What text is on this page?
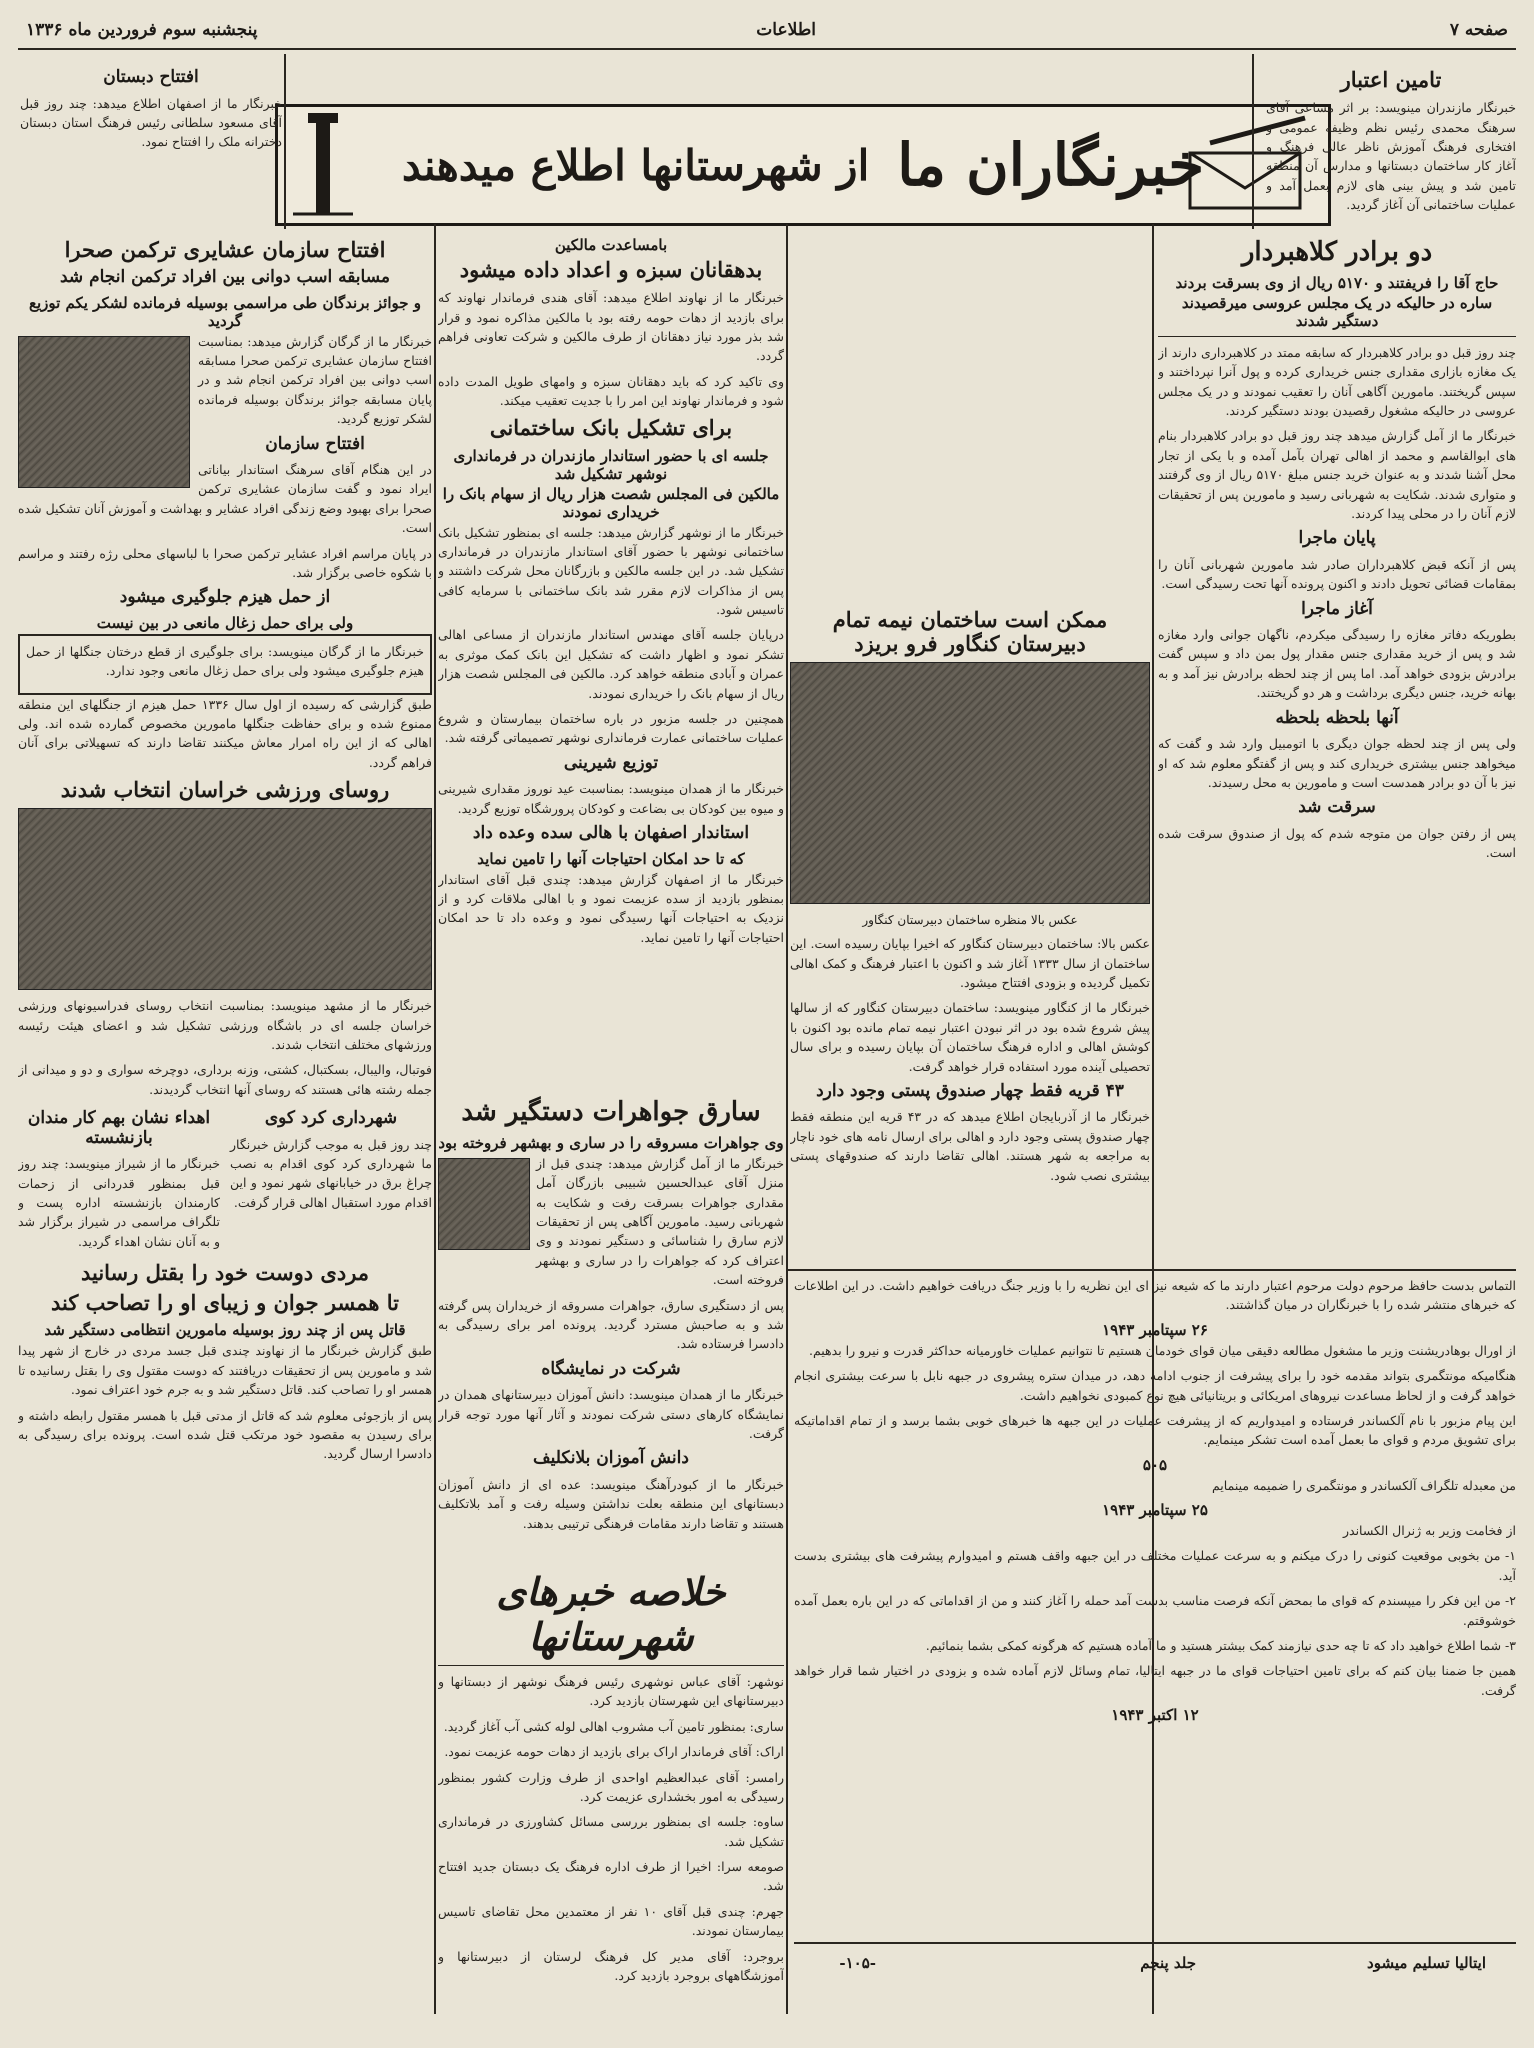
صفحه ۷
اطلاعات
پنجشنبه سوم فروردین ماه ۱۳۳۶
خبرنگاران ما
از شهرستانها اطلاع میدهند
تامین اعتبار

خبرنگار مازندران مینویسد: بر اثر مساعی آقای سرهنگ محمدی رئیس نظم وظیفه عمومی و افتخاری فرهنگ آموزش ناظر عالی فرهنگ و آغاز کار ساختمان دبستانها و مدارس آن منطقه تامین شد و پیش بینی های لازم بعمل آمد و عملیات ساختمانی آن آغاز گردید.

دو برادر کلاهبردار
حاج آقا را فریفتند و ۵۱۷۰ ریال از وی بسرقت بردند
ساره در حالیکه در یک مجلس عروسی میرقصیدند دستگیر شدند

چند روز قبل دو برادر کلاهبردار که سابقه ممتد در کلاهبرداری دارند از یک مغازه بازاری مقداری جنس خریداری کرده و پول آنرا نپرداختند و سپس گریختند. مامورین آگاهی آنان را تعقیب نمودند و در یک مجلس عروسی در حالیکه مشغول رقصیدن بودند دستگیر کردند.

خبرنگار ما از آمل گزارش میدهد چند روز قبل دو برادر کلاهبردار بنام های ابوالقاسم و محمد از اهالی تهران بآمل آمده و با یکی از تجار محل آشنا شدند و به عنوان خرید جنس مبلغ ۵۱۷۰ ریال از وی گرفتند و متواری شدند. شکایت به شهربانی رسید و مامورین پس از تحقیقات لازم آنان را در محلی پیدا کردند.

پایان ماجرا

پس از آنکه قبض کلاهبرداران صادر شد مامورین شهربانی آنان را بمقامات قضائی تحویل دادند و اکنون پرونده آنها تحت رسیدگی است.

آغاز ماجرا

بطوریکه دفاتر مغازه را رسیدگی میکردم، ناگهان جوانی وارد مغازه شد و پس از خرید مقداری جنس مقدار پول بمن داد و سپس گفت برادرش بزودی خواهد آمد. اما پس از چند لحظه برادرش نیز آمد و به بهانه خرید، جنس دیگری برداشت و هر دو گریختند.

آنها بلحظه بلحظه

ولی پس از چند لحظه جوان دیگری با اتومبیل وارد شد و گفت که میخواهد جنس بیشتری خریداری کند و پس از گفتگو معلوم شد که او نیز با آن دو برادر همدست است و مامورین به محل رسیدند.

سرقت شد

پس از رفتن جوان من متوجه شدم که پول از صندوق سرقت شده است.

ممکن است ساختمان نیمه تمام دبیرستان کنگاور فرو بریزد
عکس بالا منظره ساختمان دبیرستان کنگاور

عکس بالا: ساختمان دبیرستان کنگاور که اخیرا بپایان رسیده است. این ساختمان از سال ۱۳۳۳ آغاز شد و اکنون با اعتبار فرهنگ و کمک اهالی تکمیل گردیده و بزودی افتتاح میشود.

خبرنگار ما از کنگاور مینویسد: ساختمان دبیرستان کنگاور که از سالها پیش شروع شده بود در اثر نبودن اعتبار نیمه تمام مانده بود اکنون با کوشش اهالی و اداره فرهنگ ساختمان آن بپایان رسیده و برای سال تحصیلی آینده مورد استفاده قرار خواهد گرفت.

۴۳ قریه فقط چهار صندوق پستی وجود دارد

خبرنگار ما از آذربایجان اطلاع میدهد که در ۴۳ قریه این منطقه فقط چهار صندوق پستی وجود دارد و اهالی برای ارسال نامه های خود ناچار به مراجعه به شهر هستند. اهالی تقاضا دارند که صندوقهای پستی بیشتری نصب شود.

بامساعدت مالکین
بدهقانان سبزه و اعداد داده میشود

خبرنگار ما از نهاوند اطلاع میدهد: آقای هندی فرماندار نهاوند که برای بازدید از دهات حومه رفته بود با مالکین مذاکره نمود و قرار شد بذر مورد نیاز دهقانان از طرف مالکین و شرکت تعاونی فراهم گردد.

وی تاکید کرد که باید دهقانان سبزه و وامهای طویل المدت داده شود و فرماندار نهاوند این امر را با جدیت تعقیب میکند.

برای تشکیل بانک ساختمانی
جلسه ای با حضور استاندار مازندران در فرمانداری نوشهر تشکیل شد
مالکین فی المجلس شصت هزار ریال از سهام بانک را خریداری نمودند

خبرنگار ما از نوشهر گزارش میدهد: جلسه ای بمنظور تشکیل بانک ساختمانی نوشهر با حضور آقای استاندار مازندران در فرمانداری تشکیل شد. در این جلسه مالکین و بازرگانان محل شرکت داشتند و پس از مذاکرات لازم مقرر شد بانک ساختمانی با سرمایه کافی تاسیس شود.

درپایان جلسه آقای مهندس استاندار مازندران از مساعی اهالی تشکر نمود و اظهار داشت که تشکیل این بانک کمک موثری به عمران و آبادی منطقه خواهد کرد. مالکین فی المجلس شصت هزار ریال از سهام بانک را خریداری نمودند.

همچنین در جلسه مزبور در باره ساختمان بیمارستان و شروع عملیات ساختمانی عمارت فرمانداری نوشهر تصمیماتی گرفته شد.

توزیع شیرینی

خبرنگار ما از همدان مینویسد: بمناسبت عید نوروز مقداری شیرینی و میوه بین کودکان بی بضاعت و کودکان پرورشگاه توزیع گردید.

استاندار اصفهان با هالی سده وعده داد
که تا حد امکان احتیاجات آنها را تامین نماید

خبرنگار ما از اصفهان گزارش میدهد: چندی قبل آقای استاندار بمنظور بازدید از سده عزیمت نمود و با اهالی ملاقات کرد و از نزدیک به احتیاجات آنها رسیدگی نمود و وعده داد تا حد امکان احتیاجات آنها را تامین نماید.

سارق جواهرات دستگیر شد
وی جواهرات مسروقه را در ساری و بهشهر فروخته بود

خبرنگار ما از آمل گزارش میدهد: چندی قبل از منزل آقای عبدالحسین شبیبی بازرگان آمل مقداری جواهرات بسرقت رفت و شکایت به شهربانی رسید. مامورین آگاهی پس از تحقیقات لازم سارق را شناسائی و دستگیر نمودند و وی اعتراف کرد که جواهرات را در ساری و بهشهر فروخته است.

پس از دستگیری سارق، جواهرات مسروقه از خریداران پس گرفته شد و به صاحبش مسترد گردید. پرونده امر برای رسیدگی به دادسرا فرستاده شد.

شرکت در نمایشگاه

خبرنگار ما از همدان مینویسد: دانش آموزان دبیرستانهای همدان در نمایشگاه کارهای دستی شرکت نمودند و آثار آنها مورد توجه قرار گرفت.

دانش آموزان بلانکلیف

خبرنگار ما از کبودرآهنگ مینویسد: عده ای از دانش آموزان دبستانهای این منطقه بعلت نداشتن وسیله رفت و آمد بلاتکلیف هستند و تقاضا دارند مقامات فرهنگی ترتیبی بدهند.

خلاصه خبرهای شهرستانها

نوشهر: آقای عباس نوشهری رئیس فرهنگ نوشهر از دبستانها و دبیرستانهای این شهرستان بازدید کرد.

ساری: بمنظور تامین آب مشروب اهالی لوله کشی آب آغاز گردید.

اراک: آقای فرماندار اراک برای بازدید از دهات حومه عزیمت نمود.

رامسر: آقای عبدالعظیم اواحدی از طرف وزارت کشور بمنظور رسیدگی به امور بخشداری عزیمت کرد.

ساوه: جلسه ای بمنظور بررسی مسائل کشاورزی در فرمانداری تشکیل شد.

صومعه سرا: اخیرا از طرف اداره فرهنگ یک دبستان جدید افتتاح شد.

جهرم: چندی قبل آقای ۱۰ نفر از معتمدین محل تقاضای تاسیس بیمارستان نمودند.

بروجرد: آقای مدیر کل فرهنگ لرستان از دبیرستانها و آموزشگاههای بروجرد بازدید کرد.

افتتاح دبستان

خبرنگار ما از اصفهان اطلاع میدهد: چند روز قبل آقای مسعود سلطانی رئیس فرهنگ استان دبستان دخترانه ملک را افتتاح نمود.

افتتاح سازمان عشایری ترکمن صحرا
مسابقه اسب دوانی بین افراد ترکمن انجام شد
و جوائز برندگان طی مراسمی بوسیله فرمانده لشکر یکم توزیع گردید

خبرنگار ما از گرگان گزارش میدهد: بمناسبت افتتاح سازمان عشایری ترکمن صحرا مسابقه اسب دوانی بین افراد ترکمن انجام شد و در پایان مسابقه جوائز برندگان بوسیله فرمانده لشکر توزیع گردید.

افتتاح سازمان

در این هنگام آقای سرهنگ استاندار بیاناتی ایراد نمود و گفت سازمان عشایری ترکمن صحرا برای بهبود وضع زندگی افراد عشایر و بهداشت و آموزش آنان تشکیل شده است.

در پایان مراسم افراد عشایر ترکمن صحرا با لباسهای محلی رژه رفتند و مراسم با شکوه خاصی برگزار شد.

از حمل هیزم جلوگیری میشود
ولی برای حمل زغال مانعی در بین نیست

خبرنگار ما از گرگان مینویسد: برای جلوگیری از قطع درختان جنگلها از حمل هیزم جلوگیری میشود ولی برای حمل زغال مانعی وجود ندارد.

طبق گزارشی که رسیده از اول سال ۱۳۳۶ حمل هیزم از جنگلهای این منطقه ممنوع شده و برای حفاظت جنگلها مامورین مخصوص گمارده شده اند. ولی اهالی که از این راه امرار معاش میکنند تقاضا دارند که تسهیلاتی برای آنان فراهم گردد.

روسای ورزشی خراسان انتخاب شدند

خبرنگار ما از مشهد مینویسد: بمناسبت انتخاب روسای فدراسیونهای ورزشی خراسان جلسه ای در باشگاه ورزشی تشکیل شد و اعضای هیئت رئیسه ورزشهای مختلف انتخاب شدند.

فوتبال، والیبال، بسکتبال، کشتی، وزنه برداری، دوچرخه سواری و دو و میدانی از جمله رشته هائی هستند که روسای آنها انتخاب گردیدند.

شهرداری کرد کوی

چند روز قبل به موجب گزارش خبرنگار ما شهرداری کرد کوی اقدام به نصب چراغ برق در خیابانهای شهر نمود و این اقدام مورد استقبال اهالی قرار گرفت.

اهداء نشان بهم کار مندان بازنشسته

خبرنگار ما از شیراز مینویسد: چند روز قبل بمنظور قدردانی از زحمات کارمندان بازنشسته اداره پست و تلگراف مراسمی در شیراز برگزار شد و به آنان نشان اهداء گردید.

مردی دوست خود را بقتل رسانید
تا همسر جوان و زیبای او را تصاحب کند
قاتل پس از چند روز بوسیله مامورین انتظامی دستگیر شد

طبق گزارش خبرنگار ما از نهاوند چندی قبل جسد مردی در خارج از شهر پیدا شد و مامورین پس از تحقیقات دریافتند که دوست مقتول وی را بقتل رسانیده تا همسر او را تصاحب کند. قاتل دستگیر شد و به جرم خود اعتراف نمود.

پس از بازجوئی معلوم شد که قاتل از مدتی قبل با همسر مقتول رابطه داشته و برای رسیدن به مقصود خود مرتکب قتل شده است. پرونده برای رسیدگی به دادسرا ارسال گردید.

التماس بدست حافظ مرحوم دولت مرحوم اعتبار دارند ما که شیعه نیز ای این نظریه را با وزیر جنگ دریافت خواهیم داشت. در این اطلاعات که خبرهای منتشر شده را با خبرنگاران در میان گذاشتند.

۲۶ سپتامبر ۱۹۴۳

از اورال بوهادریشنت وزیر ما مشغول مطالعه دقیقی میان قوای خودمان هستیم تا نتوانیم عملیات خاورمیانه حداکثر قدرت و نیرو را بدهیم.

هنگامیکه مونتگمری بتواند مقدمه خود را برای پیشرفت از جنوب ادامه دهد، در میدان ستره پیشروی در جبهه نابل با سرعت بیشتری انجام خواهد گرفت و از لحاظ مساعدت نیروهای امریکائی و بریتانیائی هیچ نوع کمبودی نخواهیم داشت.

این پیام مزبور با نام آلکساندر فرستاده و امیدواریم که از پیشرفت عملیات در این جبهه ها خبرهای خوبی بشما برسد و از تمام اقداماتیکه برای تشویق مردم و قوای ما بعمل آمده است تشکر مینمایم.

۵۰۵

من معبدله تلگراف آلکساندر و مونتگمری را ضمیمه مینمایم

۲۵ سپتامبر ۱۹۴۳

از فخامت وزیر به ژنرال الکساندر

۱- من بخوبی موقعیت کنونی را درک میکنم و به سرعت عملیات مختلف در این جبهه واقف هستم و امیدوارم پیشرفت های بیشتری بدست آید.

۲- من این فکر را میپسندم که قوای ما بمحض آنکه فرصت مناسب بدست آمد حمله را آغاز کنند و من از اقداماتی که در این باره بعمل آمده خوشوقتم.

۳- شما اطلاع خواهید داد که تا چه حدی نیازمند کمک بیشتر هستید و ما آماده هستیم که هرگونه کمکی بشما بنمائیم.

همین جا ضمنا بیان کنم که برای تامین احتیاجات قوای ما در جبهه ایتالیا، تمام وسائل لازم آماده شده و بزودی در اختیار شما قرار خواهد گرفت.

۱۲ اکتبر ۱۹۴۳
ایتالیا تسلیم میشود
جلد پنجم
-۱۰۵-
